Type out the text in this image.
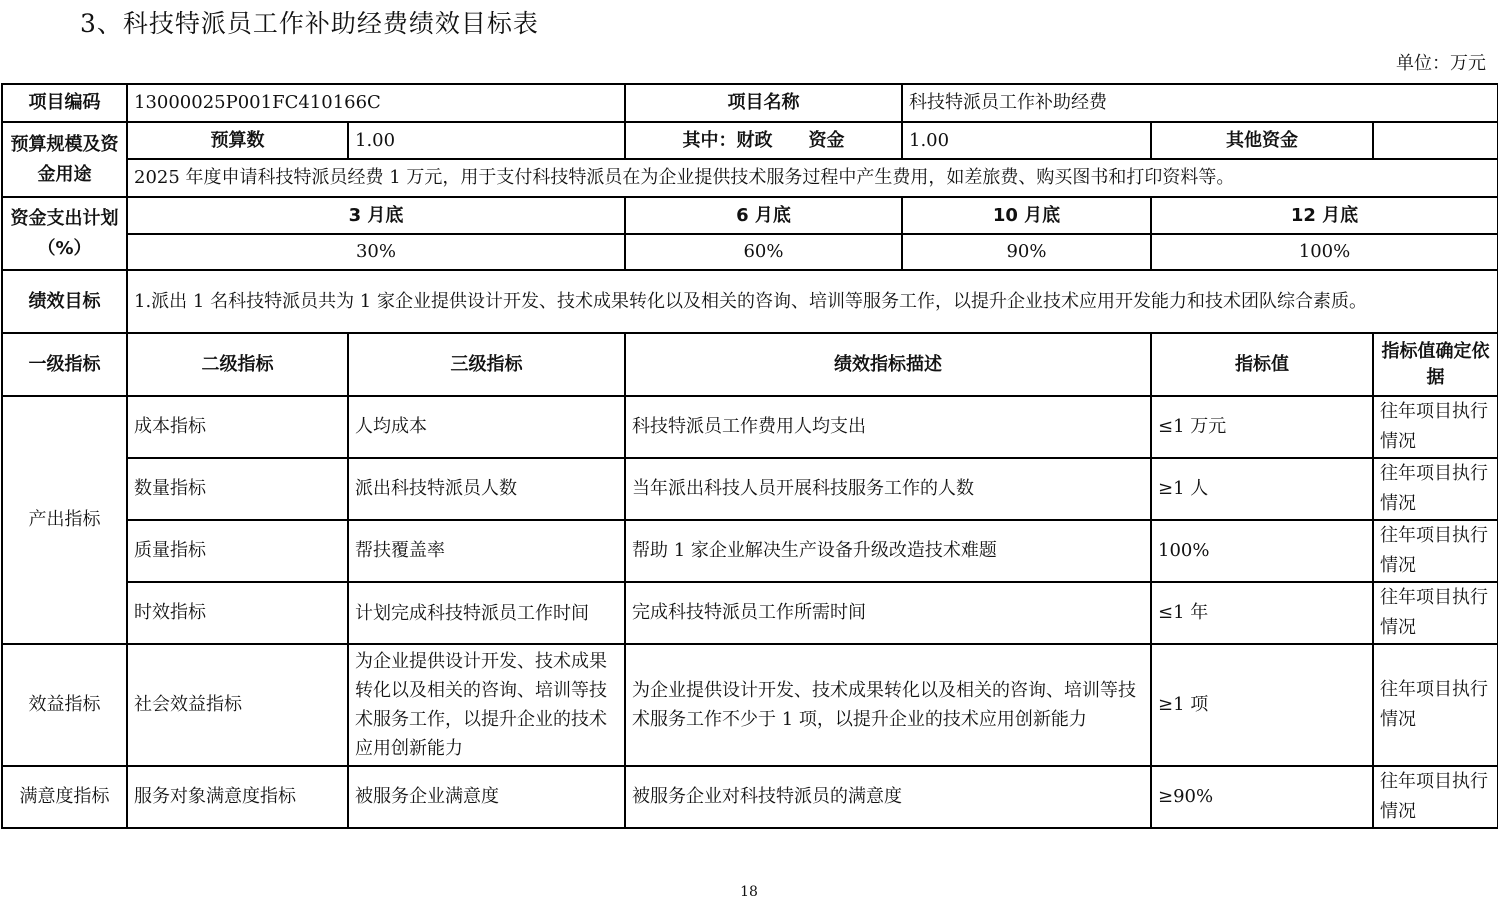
3、科技特派员工作补助经费绩效目标表
单位：万元
项目编码	13000025P001FC410166C		项目名称	科技特派员工作补助经费		
预算规模及资金用途	预算数	1.00	其中：财政　　资金	1.00	其他资金	
	2025 年度申请科技特派员经费 1 万元，用于支付科技特派员在为企业提供技术服务过程中产生费用，如差旅费、购买图书和打印资料等。					
资金支出计划（%）	3 月底		6 月底	10 月底	12 月底	
	30%		60%	90%	100%	
绩效目标	1.派出 1 名科技特派员共为 1 家企业提供设计开发、技术成果转化以及相关的咨询、培训等服务工作，以提升企业技术应用开发能力和技术团队综合素质。					
一级指标	二级指标	三级指标	绩效指标描述		指标值	指标值确定依据
产出指标	成本指标	人均成本	科技特派员工作费用人均支出		≤1 万元	往年项目执行情况
	数量指标	派出科技特派员人数	当年派出科技人员开展科技服务工作的人数		≥1 人	往年项目执行情况
	质量指标	帮扶覆盖率	帮助 1 家企业解决生产设备升级改造技术难题		100%	往年项目执行情况
	时效指标	计划完成科技特派员工作时间	完成科技特派员工作所需时间		≤1 年	往年项目执行情况
效益指标	社会效益指标	为企业提供设计开发、技术成果转化以及相关的咨询、培训等技术服务工作，以提升企业的技术应用创新能力	为企业提供设计开发、技术成果转化以及相关的咨询、培训等技术服务工作不少于 1 项，以提升企业的技术应用创新能力		≥1 项	往年项目执行情况
满意度指标	服务对象满意度指标	被服务企业满意度	被服务企业对科技特派员的满意度		≥90%	往年项目执行情况
18
